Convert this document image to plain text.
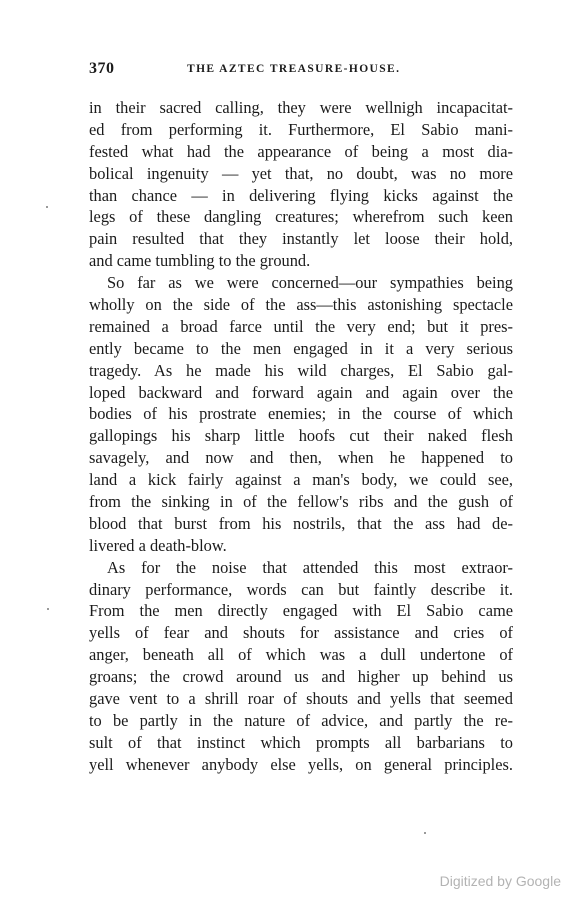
370	THE AZTEC TREASURE-HOUSE.
in their sacred calling, they were wellnigh incapacitat-
ed from performing it. Furthermore, El Sabio mani-
fested what had the appearance of being a most dia-
bolical ingenuity — yet that, no doubt, was no more
than chance — in delivering flying kicks against the
legs of these dangling creatures; wherefrom such keen
pain resulted that they instantly let loose their hold,
and came tumbling to the ground.
So far as we were concerned—our sympathies being
wholly on the side of the ass—this astonishing spectacle
remained a broad farce until the very end; but it pres-
ently became to the men engaged in it a very serious
tragedy. As he made his wild charges, El Sabio gal-
loped backward and forward again and again over the
bodies of his prostrate enemies; in the course of which
gallopings his sharp little hoofs cut their naked flesh
savagely, and now and then, when he happened to
land a kick fairly against a man's body, we could see,
from the sinking in of the fellow's ribs and the gush of
blood that burst from his nostrils, that the ass had de-
livered a death-blow.
As for the noise that attended this most extraor-
dinary performance, words can but faintly describe it.
From the men directly engaged with El Sabio came
yells of fear and shouts for assistance and cries of
anger, beneath all of which was a dull undertone of
groans; the crowd around us and higher up behind us
gave vent to a shrill roar of shouts and yells that seemed
to be partly in the nature of advice, and partly the re-
sult of that instinct which prompts all barbarians to
yell whenever anybody else yells, on general principles.
Digitized by Google
